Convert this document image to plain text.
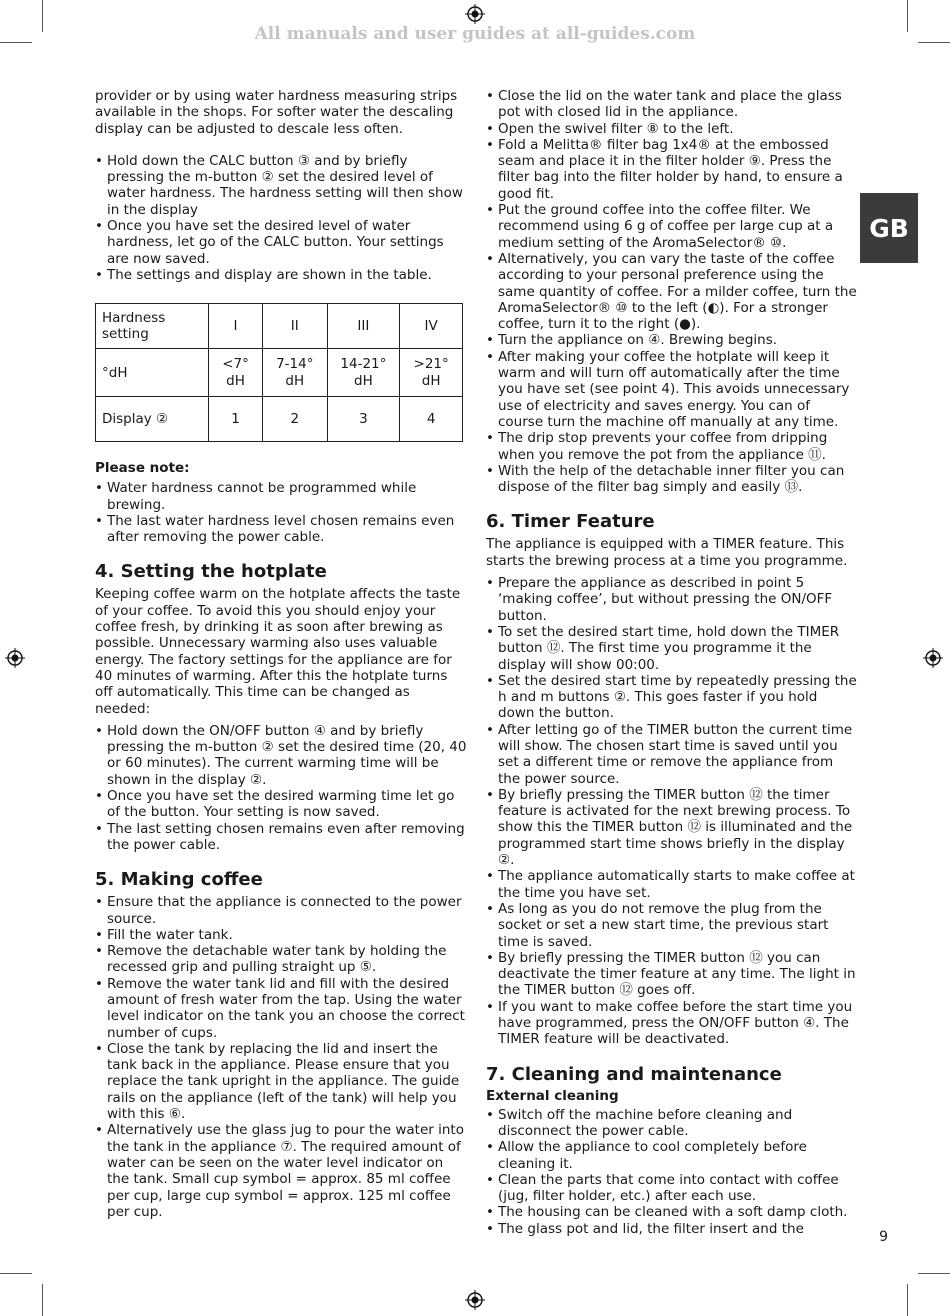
All manuals and user guides at all-guides.com
GB
9

provider or by using water hardness measuring strips available in the shops. For softer water the descaling display can be adjusted to descale less often.

• Hold down the CALC button ③ and by briefly pressing the m-button ② set the desired level of water hardness. The hardness setting will then show in the display
• Once you have set the desired level of water hardness, let go of the CALC button. Your settings are now saved.
• The settings and display are shown in the table.
Hardness setting	I	II	III	IV
°dH	<7° dH	7-14° dH	14-21° dH	>21° dH
Display ②	1	2	3	4
Please note:
• Water hardness cannot be programmed while brewing.
• The last water hardness level chosen remains even after removing the power cable.
4. Setting the hotplate

Keeping coffee warm on the hotplate affects the taste of your coffee. To avoid this you should enjoy your coffee fresh, by drinking it as soon after brewing as possible. Unnecessary warming also uses valuable energy. The factory settings for the appliance are for 40 minutes of warming. After this the hotplate turns off automatically. This time can be changed as needed:

• Hold down the ON/OFF button ④ and by briefly pressing the m-button ② set the desired time (20, 40 or 60 minutes). The current warming time will be shown in the display ②.
• Once you have set the desired warming time let go of the button. Your setting is now saved.
• The last setting chosen remains even after removing the power cable.
5. Making coffee
• Ensure that the appliance is connected to the power source.
• Fill the water tank.
• Remove the detachable water tank by holding the recessed grip and pulling straight up ⑤.
• Remove the water tank lid and fill with the desired amount of fresh water from the tap. Using the water level indicator on the tank you an choose the correct number of cups.
• Close the tank by replacing the lid and insert the tank back in the appliance. Please ensure that you replace the tank upright in the appliance. The guide rails on the appliance (left of the tank) will help you with this ⑥.
• Alternatively use the glass jug to pour the water into the tank in the appliance ⑦. The required amount of water can be seen on the water level indicator on the tank. Small cup symbol = approx. 85 ml coffee per cup, large cup symbol = approx. 125 ml coffee per cup.
• Close the lid on the water tank and place the glass pot with closed lid in the appliance.
• Open the swivel filter ⑧ to the left.
• Fold a Melitta® filter bag 1x4® at the embossed seam and place it in the filter holder ⑨. Press the filter bag into the filter holder by hand, to ensure a good fit.
• Put the ground coffee into the coffee filter. We recommend using 6 g of coffee per large cup at a medium setting of the AromaSelector® ⑩.
• Alternatively, you can vary the taste of the coffee according to your personal preference using the same quantity of coffee. For a milder coffee, turn the AromaSelector® ⑩ to the left (◐). For a stronger coffee, turn it to the right (●).
• Turn the appliance on ④. Brewing begins.
• After making your coffee the hotplate will keep it warm and will turn off automatically after the time you have set (see point 4). This avoids unnecessary use of electricity and saves energy. You can of course turn the machine off manually at any time.
• The drip stop prevents your coffee from dripping when you remove the pot from the appliance ⑪.
• With the help of the detachable inner filter you can dispose of the filter bag simply and easily ⑬.
6. Timer Feature

The appliance is equipped with a TIMER feature. This starts the brewing process at a time you programme.

• Prepare the appliance as described in point 5 ‘making coffee’, but without pressing the ON/OFF button.
• To set the desired start time, hold down the TIMER button ⑫. The first time you programme it the display will show 00:00.
• Set the desired start time by repeatedly pressing the h and m buttons ②. This goes faster if you hold down the button.
• After letting go of the TIMER button the current time will show. The chosen start time is saved until you set a different time or remove the appliance from the power source.
• By briefly pressing the TIMER button ⑫ the timer feature is activated for the next brewing process. To show this the TIMER button ⑫ is illuminated and the programmed start time shows briefly in the display ②.
• The appliance automatically starts to make coffee at the time you have set.
• As long as you do not remove the plug from the socket or set a new start time, the previous start time is saved.
• By briefly pressing the TIMER button ⑫ you can deactivate the timer feature at any time. The light in the TIMER button ⑫ goes off.
• If you want to make coffee before the start time you have programmed, press the ON/OFF button ④. The TIMER feature will be deactivated.
7. Cleaning and maintenance
External cleaning
• Switch off the machine before cleaning and disconnect the power cable.
• Allow the appliance to cool completely before cleaning it.
• Clean the parts that come into contact with coffee (jug, filter holder, etc.) after each use.
• The housing can be cleaned with a soft damp cloth.
• The glass pot and lid, the filter insert and the
